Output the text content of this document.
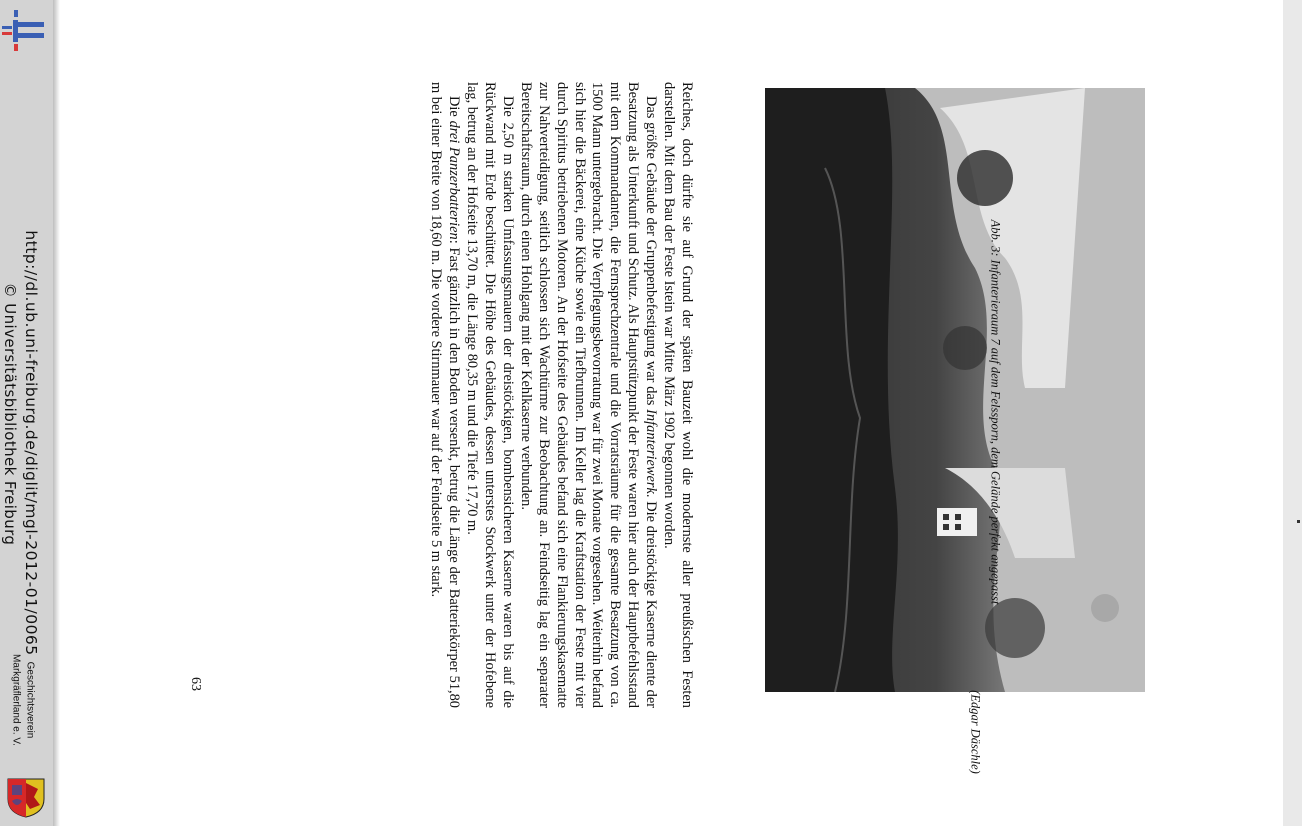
http://dl.ub.uni-freiburg.de/diglit/mgl-2012-01/0065
© Universitätsbibliothek Freiburg
Geschichtsverein
Markgräflerland e. V.
Abb. 3: Infanterieraum 7 auf dem Felssporn, dem Gelände perfekt angepasst
(Edgar Däschle)

Reiches, doch dürfte sie auf Grund der späten Bauzeit wohl die modernste aller preußischen Festen darstellen. Mit dem Bau der Feste Istein war Mitte März 1902 begonnen worden.

Das größte Gebäude der Gruppenbefestigung war das Infanteriewerk. Die dreistöckige Kaserne diente der Besatzung als Unterkunft und Schutz. Als Hauptstützpunkt der Feste waren hier auch der Hauptbefehlsstand mit dem Kommandanten, die Fernsprechzentrale und die Vorratsräume für die gesamte Besatzung von ca. 1500 Mann untergebracht. Die Verpflegungsbevorratung war für zwei Monate vorgesehen. Weiterhin befand sich hier die Bäckerei, eine Küche sowie ein Tiefbrunnen. Im Keller lag die Kraftstation der Feste mit vier durch Spiritus betriebenen Motoren. An der Hofseite des Gebäudes befand sich eine Flankierungskasematte zur Nahverteidigung, seitlich schlossen sich Wachtürme zur Beobachtung an. Feindseitig lag ein separater Bereitschaftsraum, durch einen Hohlgang mit der Kehlkaserne verbunden.

Die 2,50 m starken Umfassungsmauern der dreistöckigen, bombensicheren Kaserne waren bis auf die Rückwand mit Erde beschüttet. Die Höhe des Gebäudes, dessen unterstes Stockwerk unter der Hofebene lag, betrug an der Hofseite 13,70 m, die Länge 80,35 m und die Tiefe 17,70 m.

Die drei Panzerbatterien: Fast gänzlich in den Boden versenkt, betrug die Länge der Batteriekörper 51,80 m bei einer Breite von 18,60 m. Die vordere Stirnmauer war auf der Feindseite 5 m stark.

63
